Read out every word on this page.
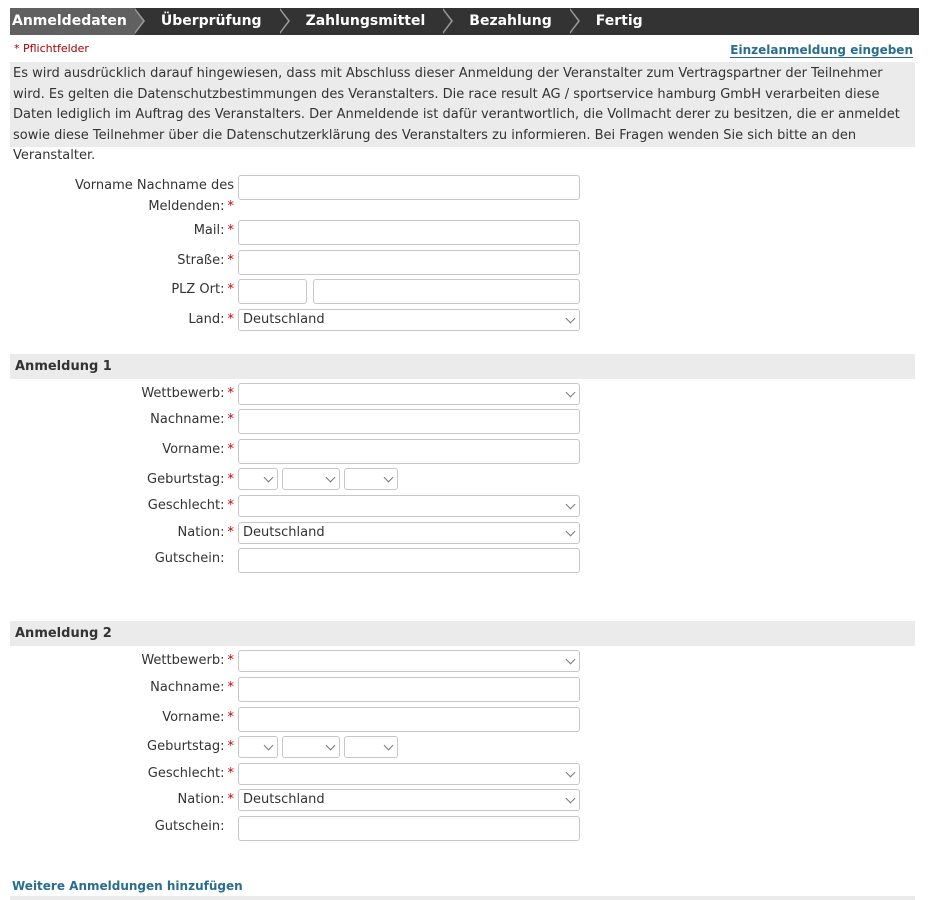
Anmeldedaten	Überprüfung	Zahlungsmittel	Bezahlung	Fertig
* Pflichtfelder	Einzelanmeldung eingeben
Es wird ausdrücklich darauf hingewiesen, dass mit Abschluss dieser Anmeldung der Veranstalter zum Vertragspartner der Teilnehmer wird. Es gelten die Datenschutzbestimmungen des Veranstalters. Die race result AG / sportservice hamburg GmbH verarbeiten diese Daten lediglich im Auftrag des Veranstalters. Der Anmeldende ist dafür verantwortlich, die Vollmacht derer zu besitzen, die er anmeldet sowie diese Teilnehmer über die Datenschutzerklärung des Veranstalters zu informieren. Bei Fragen wenden Sie sich bitte an den Veranstalter.
Vorname Nachname des
Meldenden: *
Mail: *
Straße: *
PLZ Ort: *
Land: * Deutschland
Anmeldung 1
Wettbewerb: *
Nachname: *
Vorname: *
Geburtstag: *
Geschlecht: *
Nation: * Deutschland
Gutschein:
Anmeldung 2
Wettbewerb: *
Nachname: *
Vorname: *
Geburtstag: *
Geschlecht: *
Nation: * Deutschland
Gutschein:
Weitere Anmeldungen hinzufügen
